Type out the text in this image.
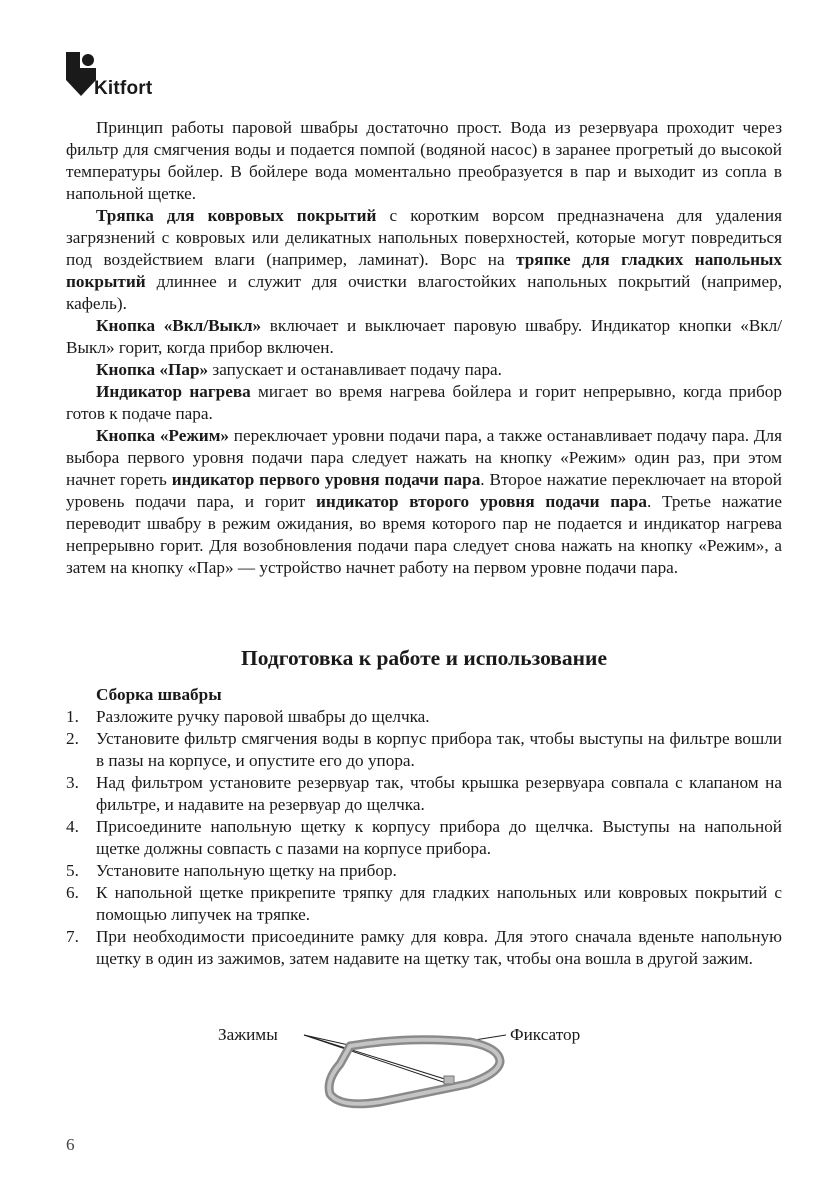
Kitfort

Принцип работы паровой швабры достаточно прост. Вода из резервуара проходит через фильтр для смягчения воды и подается помпой (водяной насос) в заранее прогретый до высокой температуры бойлер. В бойлере вода моментально преобразуется в пар и выходит из сопла в напольной щетке.

Тряпка для ковровых покрытий с коротким ворсом предназначена для удаления загрязнений с ковровых или деликатных напольных поверхностей, которые могут повредиться под воздействием влаги (например, ламинат). Ворс на тряпке для гладких напольных покрытий длиннее и служит для очистки влагостойких напольных покрытий (например, кафель).

Кнопка «Вкл/Выкл» включает и выключает паровую швабру. Индикатор кнопки «Вкл/Выкл» горит, когда прибор включен.

Кнопка «Пар» запускает и останавливает подачу пара.

Индикатор нагрева мигает во время нагрева бойлера и горит непрерывно, когда прибор готов к подаче пара.

Кнопка «Режим» переключает уровни подачи пара, а также останавливает подачу пара. Для выбора первого уровня подачи пара следует нажать на кнопку «Режим» один раз, при этом начнет гореть индикатор первого уровня подачи пара. Второе нажатие переключает на второй уровень подачи пара, и горит индикатор второго уровня подачи пара. Третье нажатие переводит швабру в режим ожидания, во время которого пар не подается и индикатор нагрева непрерывно горит. Для возобновления подачи пара следует снова нажать на кнопку «Режим», а затем на кнопку «Пар» — устройство начнет работу на первом уровне подачи пара.

Подготовка к работе и использование

Сборка швабры

1. Разложите ручку паровой швабры до щелчка.
2. Установите фильтр смягчения воды в корпус прибора так, чтобы выступы на фильтре вошли в пазы на корпусе, и опустите его до упора.
3. Над фильтром установите резервуар так, чтобы крышка резервуара совпала с клапаном на фильтре, и надавите на резервуар до щелчка.
4. Присоедините напольную щетку к корпусу прибора до щелчка. Выступы на напольной щетке должны совпасть с пазами на корпусе прибора.
5. Установите напольную щетку на прибор.
6. К напольной щетке прикрепите тряпку для гладких напольных или ковровых покрытий с помощью липучек на тряпке.
7. При необходимости присоедините рамку для ковра. Для этого сначала вденьте напольную щетку в один из зажимов, затем надавите на щетку так, чтобы она вошла в другой зажим.
Зажимы	Фиксатор
6
